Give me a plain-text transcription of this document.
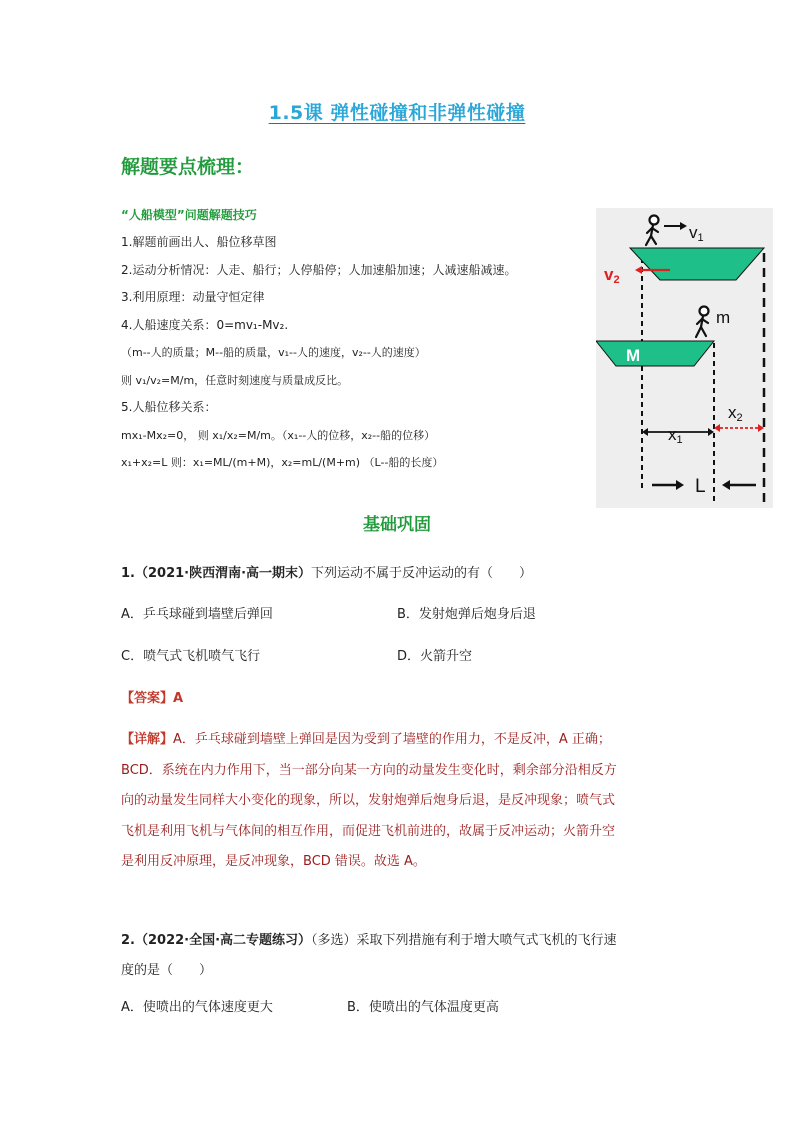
1.5课 弹性碰撞和非弹性碰撞
解题要点梳理：
“人船模型”问题解题技巧
1.解题前画出人、船位移草图
2.运动分析情况：人走、船行；人停船停；人加速船加速；人减速船减速。
3.利用原理：动量守恒定律
4.人船速度关系：0=mv₁-Mv₂.
（m--人的质量；M--船的质量，v₁--人的速度，v₂--人的速度）
则 v₁/v₂=M/m，任意时刻速度与质量成反比。
5.人船位移关系：
mx₁-Mx₂=0， 则 x₁/x₂=M/m。（x₁--人的位移，x₂--船的位移）
x₁+x₂=L 则：x₁=ML/(m+M)，x₂=mL/(M+m) （L--船的长度）
v1
v2
M
m
x1
x2
L
基础巩固
1.（2021·陕西渭南·高一期末）下列运动不属于反冲运动的有（　　）
A．乒乓球碰到墙壁后弹回	B．发射炮弹后炮身后退
C．喷气式飞机喷气飞行	D．火箭升空
【答案】A
【详解】A．乒乓球碰到墙壁上弹回是因为受到了墙壁的作用力，不是反冲，A 正确；
BCD．系统在内力作用下，当一部分向某一方向的动量发生变化时，剩余部分沿相反方
向的动量发生同样大小变化的现象，所以，发射炮弹后炮身后退，是反冲现象；喷气式
飞机是利用飞机与气体间的相互作用，而促进飞机前进的，故属于反冲运动；火箭升空
是利用反冲原理，是反冲现象，BCD 错误。故选 A。
2.（2022·全国·高二专题练习）（多选）采取下列措施有利于增大喷气式飞机的飞行速
度的是（　　）
A．使喷出的气体速度更大	B．使喷出的气体温度更高
